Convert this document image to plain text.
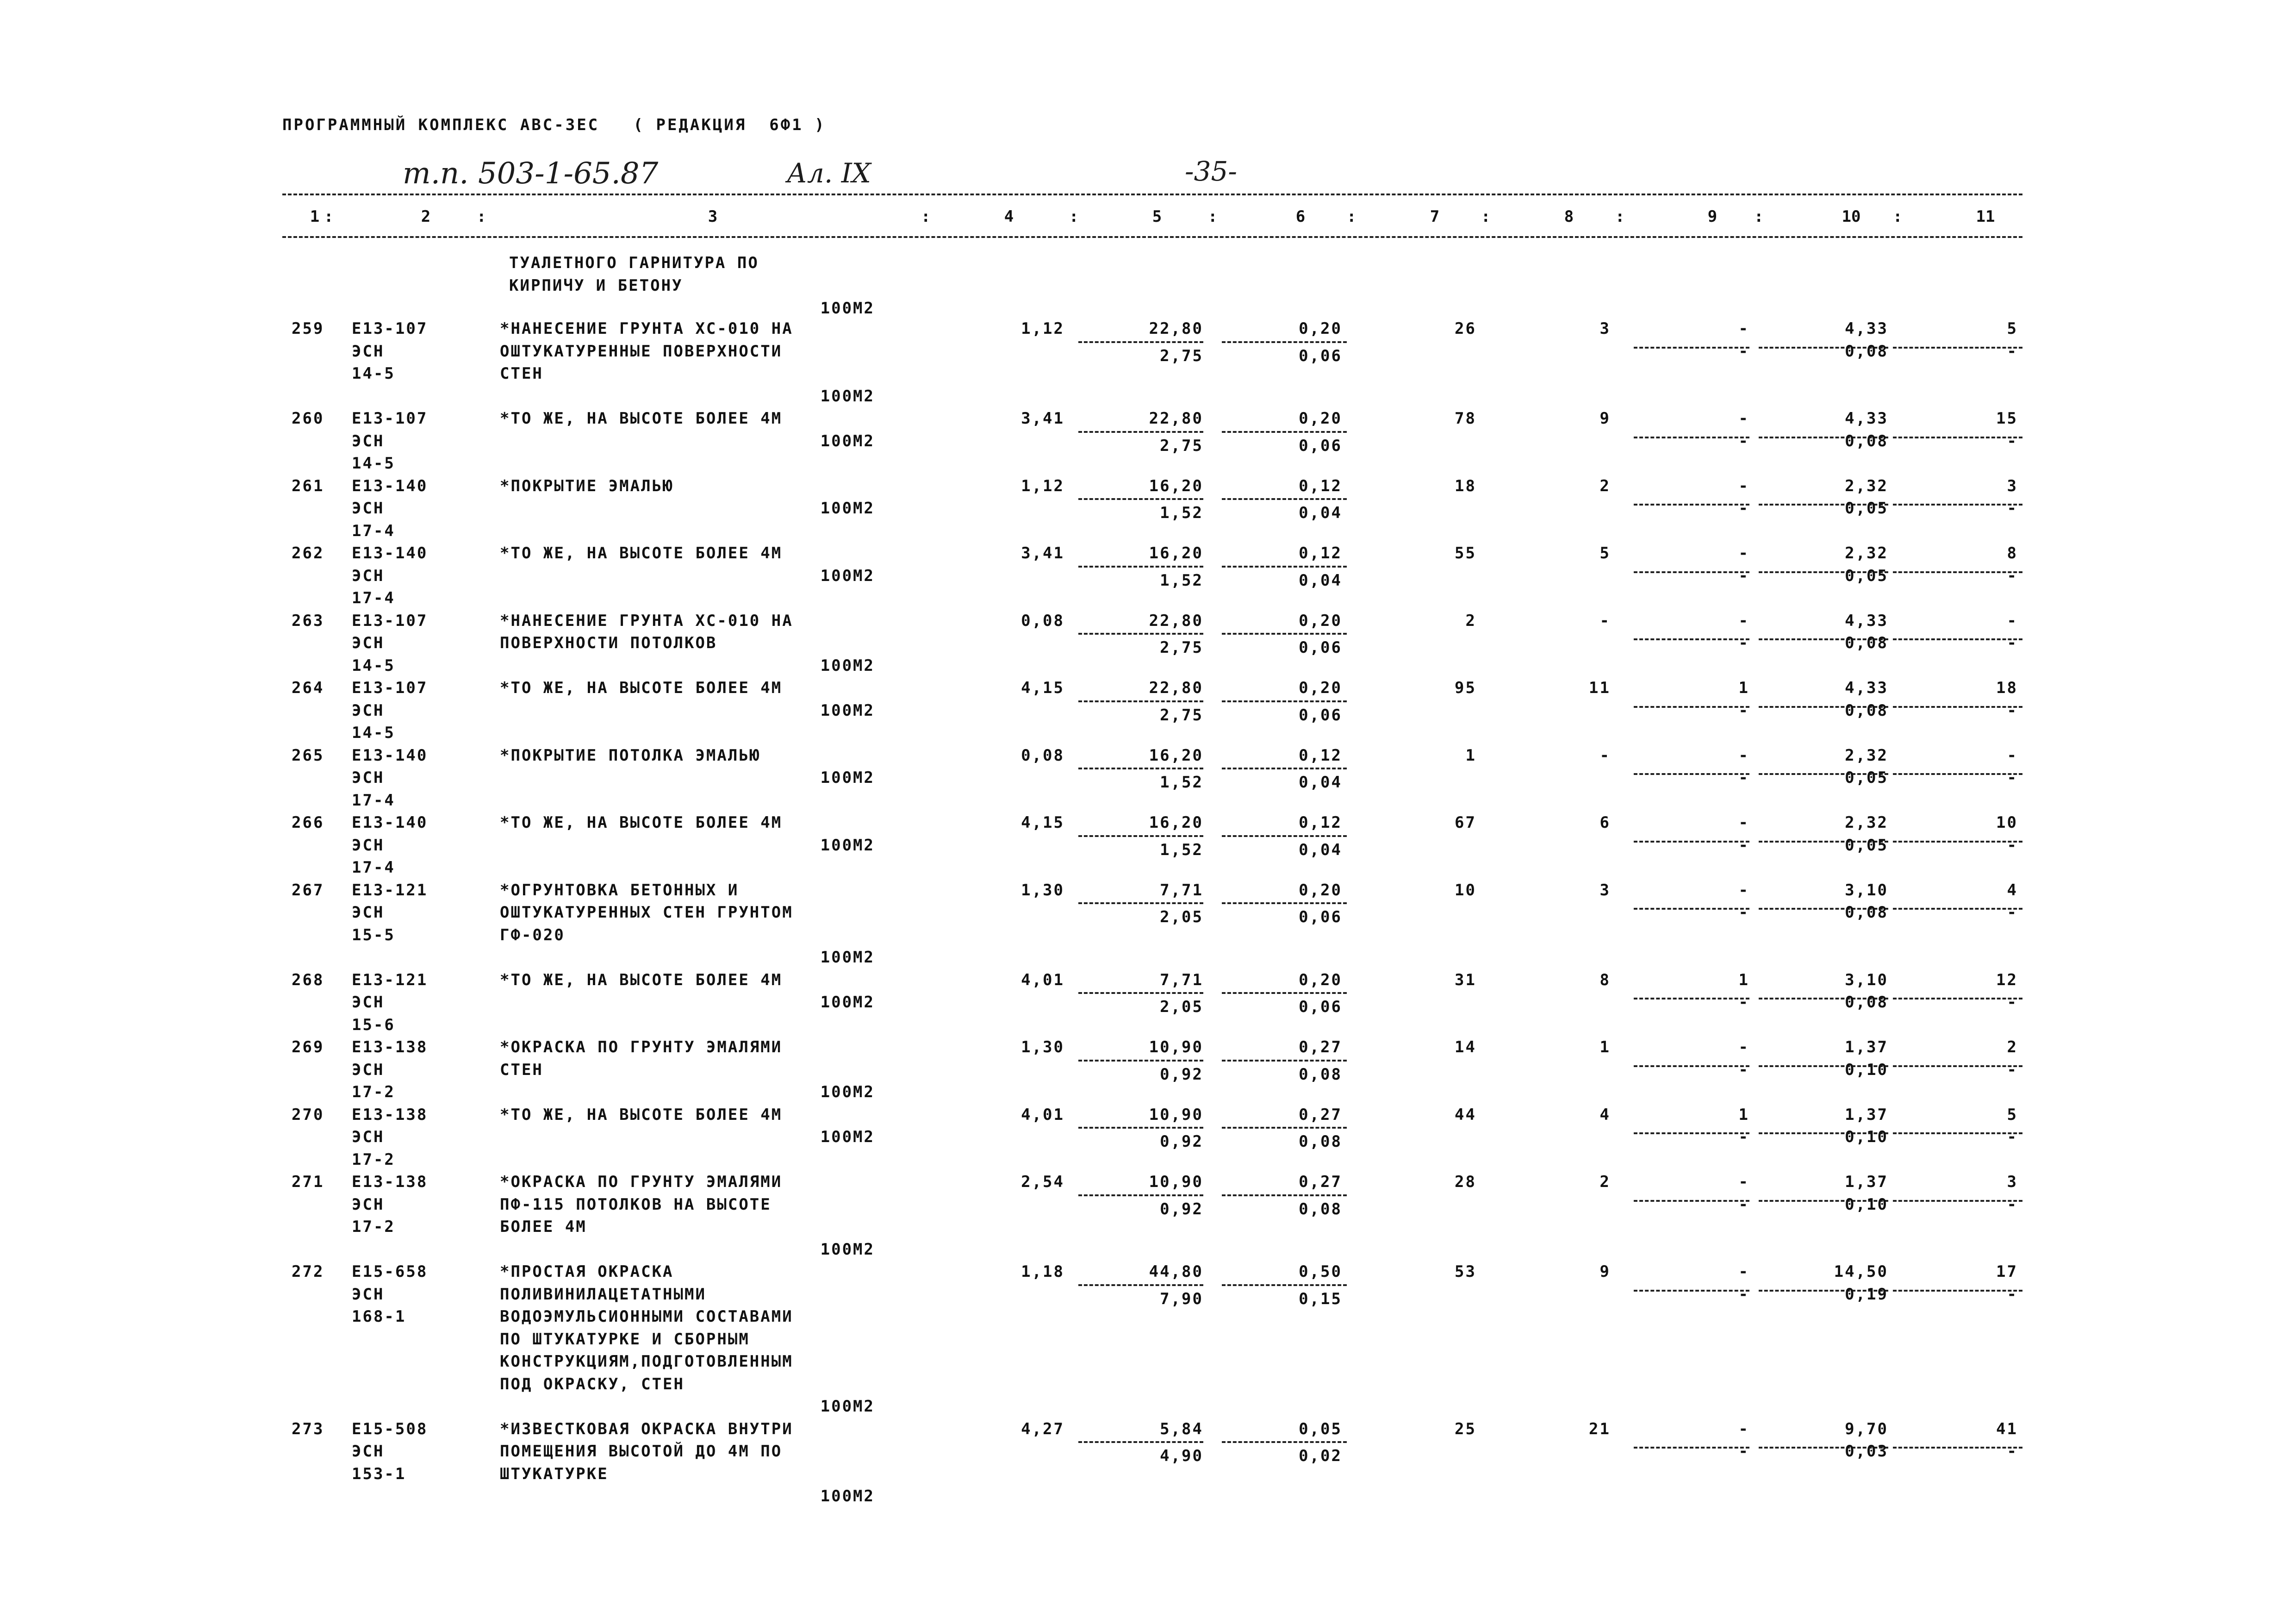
ПРОГРАММНЫЙ КОМПЛЕКС АВС-ЗЕС   ( РЕДАКЦИЯ  6Ф1 )
т.п. 503-1-65.87	Ал. IX	-35-
1	2	3	4	5	6	7	8	9	10	11
:	:	:	:	:	:	:	:	:	:
ТУАЛЕТНОГО ГАРНИТУРА ПО
КИРПИЧУ И БЕТОНУ
100М2
259 Е13-107
ЭСН
14-5
*НАНЕСЕНИЕ ГРУНТА ХС-010 НА
ОШТУКАТУРЕННЫЕ ПОВЕРХНОСТИ
СТЕН
100М2
1,12	22,80	0,20	26	3	-	4,33	5
2,75	0,06	-	0,08	-
260 Е13-107
ЭСН
14-5
*ТО ЖЕ, НА ВЫСОТЕ БОЛЕЕ 4М
100М2
3,41	22,80	0,20	78	9	-	4,33	15
2,75	0,06	-	0,08	-
261 Е13-140
ЭСН
17-4
*ПОКРЫТИЕ ЭМАЛЬЮ
100М2
1,12	16,20	0,12	18	2	-	2,32	3
1,52	0,04	-	0,05	-
262 Е13-140
ЭСН
17-4
*ТО ЖЕ, НА ВЫСОТЕ БОЛЕЕ 4М
100М2
3,41	16,20	0,12	55	5	-	2,32	8
1,52	0,04	-	0,05	-
263 Е13-107
ЭСН
14-5
*НАНЕСЕНИЕ ГРУНТА ХС-010 НА
ПОВЕРХНОСТИ ПОТОЛКОВ
100М2
0,08	22,80	0,20	2	-	-	4,33	-
2,75	0,06	-	0,08	-
264 Е13-107
ЭСН
14-5
*ТО ЖЕ, НА ВЫСОТЕ БОЛЕЕ 4М
100М2
4,15	22,80	0,20	95	11	1	4,33	18
2,75	0,06	-	0,08	-
265 Е13-140
ЭСН
17-4
*ПОКРЫТИЕ ПОТОЛКА ЭМАЛЬЮ
100М2
0,08	16,20	0,12	1	-	-	2,32	-
1,52	0,04	-	0,05	-
266 Е13-140
ЭСН
17-4
*ТО ЖЕ, НА ВЫСОТЕ БОЛЕЕ 4М
100М2
4,15	16,20	0,12	67	6	-	2,32	10
1,52	0,04	-	0,05	-
267 Е13-121
ЭСН
15-5
*ОГРУНТОВКА БЕТОННЫХ И
ОШТУКАТУРЕННЫХ СТЕН ГРУНТОМ
ГФ-020
100М2
1,30	7,71	0,20	10	3	-	3,10	4
2,05	0,06	-	0,08	-
268 Е13-121
ЭСН
15-6
*ТО ЖЕ, НА ВЫСОТЕ БОЛЕЕ 4М
100М2
4,01	7,71	0,20	31	8	1	3,10	12
2,05	0,06	-	0,08	-
269 Е13-138
ЭСН
17-2
*ОКРАСКА ПО ГРУНТУ ЭМАЛЯМИ
СТЕН
100М2
1,30	10,90	0,27	14	1	-	1,37	2
0,92	0,08	-	0,10	-
270 Е13-138
ЭСН
17-2
*ТО ЖЕ, НА ВЫСОТЕ БОЛЕЕ 4М
100М2
4,01	10,90	0,27	44	4	1	1,37	5
0,92	0,08	-	0,10	-
271 Е13-138
ЭСН
17-2
*ОКРАСКА ПО ГРУНТУ ЭМАЛЯМИ
ПФ-115 ПОТОЛКОВ НА ВЫСОТЕ
БОЛЕЕ 4М
100М2
2,54	10,90	0,27	28	2	-	1,37	3
0,92	0,08	-	0,10	-
272 Е15-658
ЭСН
168-1
*ПРОСТАЯ ОКРАСКА
ПОЛИВИНИЛАЦЕТАТНЫМИ
ВОДОЭМУЛЬСИОННЫМИ СОСТАВАМИ
ПО ШТУКАТУРКЕ И СБОРНЫМ
КОНСТРУКЦИЯМ,ПОДГОТОВЛЕННЫМ
ПОД ОКРАСКУ, СТЕН
100М2
1,18	44,80	0,50	53	9	-	14,50	17
7,90	0,15	-	0,19	-
273 Е15-508
ЭСН
153-1
*ИЗВЕСТКОВАЯ ОКРАСКА ВНУТРИ
ПОМЕЩЕНИЯ ВЫСОТОЙ ДО 4М ПО
ШТУКАТУРКЕ
100М2
4,27	5,84	0,05	25	21	-	9,70	41
4,90	0,02	-	0,03	-
